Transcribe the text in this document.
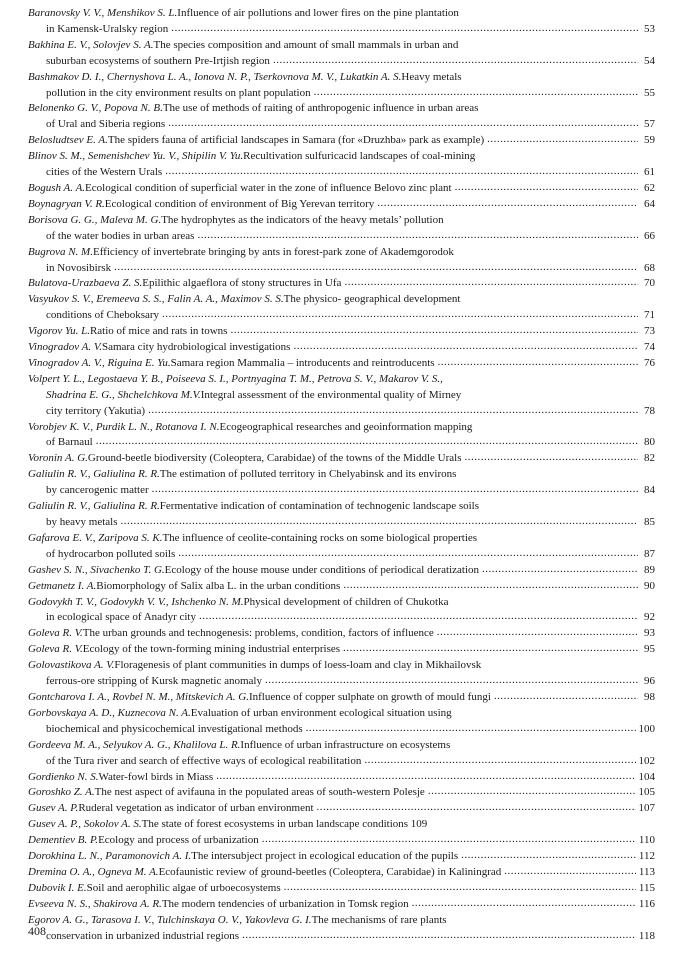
Baranovsky V. V., Menshikov S. L. Influence of air pollutions and lower fires on the pine plantation
in Kamensk-Uralsky region .....	53
Bakhina E. V., Solovjev S. A. The species composition and amount of small mammals in urban and
suburban ecosystems of southern Pre-Irtjish region .....	54
Bashmakov D. I., Chernyshova L. A., Ionova N. P., Tserkovnova M. V., Lukatkin A. S. Heavy metals
pollution in the city environment results on plant population .....	55
Belonenko G. V., Popova N. B. The use of methods of raiting of anthropogenic influence in urban areas
of Ural and Siberia regions .....	57
Belosludtsev E. A. The spiders fauna of artificial landscapes in Samara (for «Druzhba» park as example) .....	59
Blinov S. M., Semenishchev Yu. V., Shipilin V. Yu. Recultivation sulfuricacid landscapes of coal-mining
cities of the Western Urals .....	61
Bogush A. A. Ecological condition of superficial water in the zone of influence Belovo zinc plant .....	62
Boynagryan V. R. Ecological condition of environment of Big Yerevan territory .....	64
Borisova G. G., Maleva M. G. The hydrophytes as the indicators of the heavy metals’ pollution
of the water bodies in urban areas .....	66
Bugrova N. M. Efficiency of invertebrate bringing by ants in forest-park zone of Akademgorodok
in Novosibirsk .....	68
Bulatova-Urazbaeva Z. S. Epilithic algaeflora of stony structures in Ufa .....	70
Vasyukov S. V., Eremeeva S. S., Falin A. A., Maximov S. S. The physico- geographical development
conditions of Cheboksary .....	71
Vigorov Yu. L. Ratio of mice and rats in towns .....	73
Vinogradov A. V. Samara city hydrobiological investigations .....	74
Vinogradov A. V., Riguina E. Yu. Samara region Mammalia – introducents and reintroducents .....	76
Volpert Y. L., Legostaeva Y. B., Poiseeva S. I., Portnyagina T. M., Petrova S. V., Makarov V. S.,
Shadrina E. G., Shchelchkova M.V. Integral assessment of the environmental quality of Mirney
city territory (Yakutia) .....	78
Vorobjev K. V., Purdik L. N., Rotanova I. N. Ecogeographical researches and geoinformation mapping
of Barnaul .....	80
Voronin A. G. Ground-beetle biodiversity (Coleoptera, Carabidae) of the towns of the Middle Urals .....	82
Galiulin R. V., Galiulina R. R. The estimation of polluted territory in Chelyabinsk and its environs
by cancerogenic matter .....	84
Galiulin R. V., Galiulina R. R. Fermentative indication of contamination of technogenic landscape soils
by heavy metals .....	85
Gafarova E. V., Zaripova S. K. The influence of ceolite-containing rocks on some biological properties
of hydrocarbon polluted soils .....	87
Gashev S. N., Sivachenko T. G. Ecology of the house mouse under conditions of periodical deratization .....	89
Getmanetz I. A. Biomorphology of Salix alba L. in the urban conditions .....	90
Godovykh T. V., Godovykh V. V., Ishchenko N. M. Physical development of children of Chukotka
in ecological space of Anadyr city .....	92
Goleva R. V. The urban grounds and technogenesis: problems, condition, factors of influence .....	93
Goleva R. V. Ecology of the town-forming mining industrial enterprises .....	95
Golovastikova A. V. Floragenesis of plant communities in dumps of loess-loam and clay in Mikhailovsk
ferrous-ore stripping of Kursk magnetic anomaly .....	96
Gontcharova I. A., Rovbel N. M., Mitskevich A. G. Influence of copper sulphate on growth of mould fungi .....	98
Gorbovskaya A. D., Kuznecova N. A. Evaluation of urban environment ecological situation using
biochemical and physicochemical investigational methods .....	100
Gordeeva M. A., Selyukov A. G., Khalilova L. R. Influence of urban infrastructure on ecosystems
of the Tura river and search of effective ways of ecological reabilitation .....	102
Gordienko N. S. Water-fowl birds in Miass .....	104
Goroshko Z. A. The nest aspect of avifauna in the populated areas of south-western Polesje .....	105
Gusev A. P. Ruderal vegetation as indicator of urban environment .....	107
Gusev A. P., Sokolov A. S. The state of forest ecosystems in urban landscape conditions 109
Dementiev B. P. Ecology and process of urbanization .....	110
Dorokhina L. N., Paramonovich A. I. The intersubject project in ecological education of the pupils .....	112
Dremina O. A., Ogneva M. A. Ecofaunistic review of ground-beetles (Coleoptera, Carabidae) in Kaliningrad .....	113
Dubovik I. E. Soil and aerophilic algae of urboecosystems .....	115
Evseeva N. S., Shakirova A. R. The modern tendencies of urbanization in Tomsk region .....	116
Egorov A. G., Tarasova I. V., Tulchinskaya O. V., Yakovleva G. I. The mechanisms of rare plants
conservation in urbanized industrial regions .....	118
408
